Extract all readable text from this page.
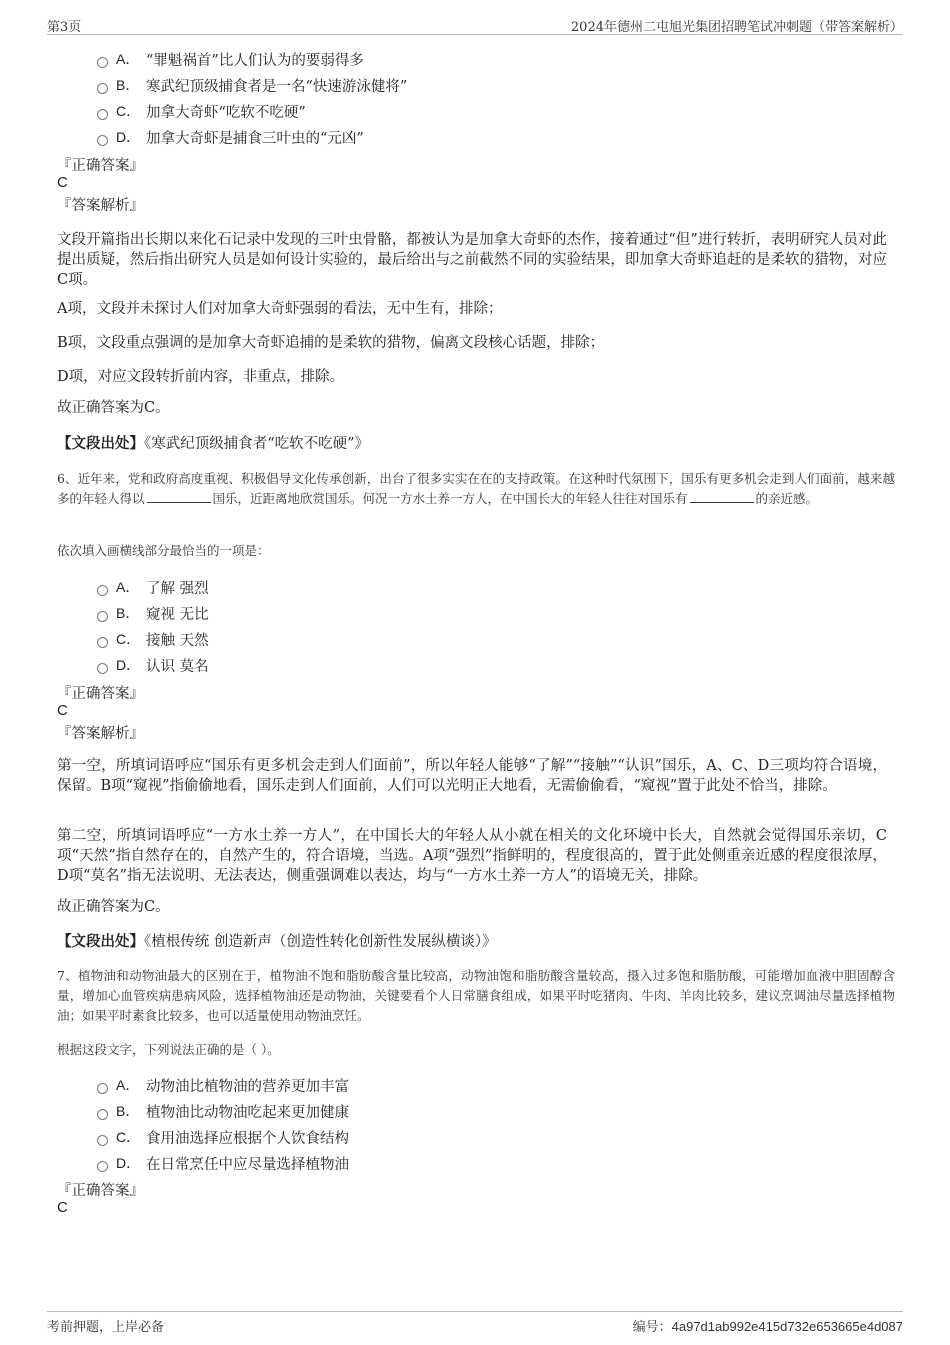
第3页	2024年德州二屯旭光集团招聘笔试冲刺题（带答案解析）
A． “罪魁祸首”比人们认为的要弱得多
B． 寒武纪顶级捕食者是一名“快速游泳健将”
C． 加拿大奇虾“吃软不吃硬”
D． 加拿大奇虾是捕食三叶虫的“元凶”
『正确答案』
C
『答案解析』
文段开篇指出长期以来化石记录中发现的三叶虫骨骼，都被认为是加拿大奇虾的杰作，接着通过“但”进行转折，表明研究人员对此提出质疑，然后指出研究人员是如何设计实验的，最后给出与之前截然不同的实验结果，即加拿大奇虾追赶的是柔软的猎物，对应C项。
A项，文段并未探讨人们对加拿大奇虾强弱的看法，无中生有，排除；
B项，文段重点强调的是加拿大奇虾追捕的是柔软的猎物，偏离文段核心话题，排除；
D项，对应文段转折前内容，非重点，排除。
故正确答案为C。
【文段出处】《寒武纪顶级捕食者“吃软不吃硬”》
6、近年来，党和政府高度重视、积极倡导文化传承创新，出台了很多实实在在的支持政策。在这种时代氛围下，国乐有更多机会走到人们面前，越来越多的年轻人得以	国乐，近距离地欣赏国乐。何况一方水土养一方人，在中国长大的年轻人往往对国乐有	的亲近感。
依次填入画横线部分最恰当的一项是：
A． 了解 强烈
B． 窥视 无比
C． 接触 天然
D． 认识 莫名
『正确答案』
C
『答案解析』
第一空，所填词语呼应“国乐有更多机会走到人们面前”，所以年轻人能够“了解”“接触”“认识”国乐，A、C、D三项均符合语境，保留。B项“窥视”指偷偷地看，国乐走到人们面前，人们可以光明正大地看，无需偷偷看，“窥视”置于此处不恰当，排除。
第二空，所填词语呼应“一方水土养一方人”，在中国长大的年轻人从小就在相关的文化环境中长大，自然就会觉得国乐亲切，C项“天然”指自然存在的，自然产生的，符合语境，当选。A项“强烈”指鲜明的，程度很高的，置于此处侧重亲近感的程度很浓厚，D项“莫名”指无法说明、无法表达，侧重强调难以表达，均与“一方水土养一方人”的语境无关，排除。
故正确答案为C。
【文段出处】《植根传统 创造新声（创造性转化创新性发展纵横谈）》
7、植物油和动物油最大的区别在于，植物油不饱和脂肪酸含量比较高，动物油饱和脂肪酸含量较高，摄入过多饱和脂肪酸，可能增加血液中胆固醇含量，增加心血管疾病患病风险，选择植物油还是动物油，关键要看个人日常膳食组成，如果平时吃猪肉、牛肉、羊肉比较多，建议烹调油尽量选择植物油；如果平时素食比较多，也可以适量使用动物油烹饪。
根据这段文字，下列说法正确的是（ ）。
A． 动物油比植物油的营养更加丰富
B． 植物油比动物油吃起来更加健康
C． 食用油选择应根据个人饮食结构
D． 在日常烹任中应尽量选择植物油
『正确答案』
C
考前押题，上岸必备	编号：4a97d1ab992e415d732e653665e4d087
